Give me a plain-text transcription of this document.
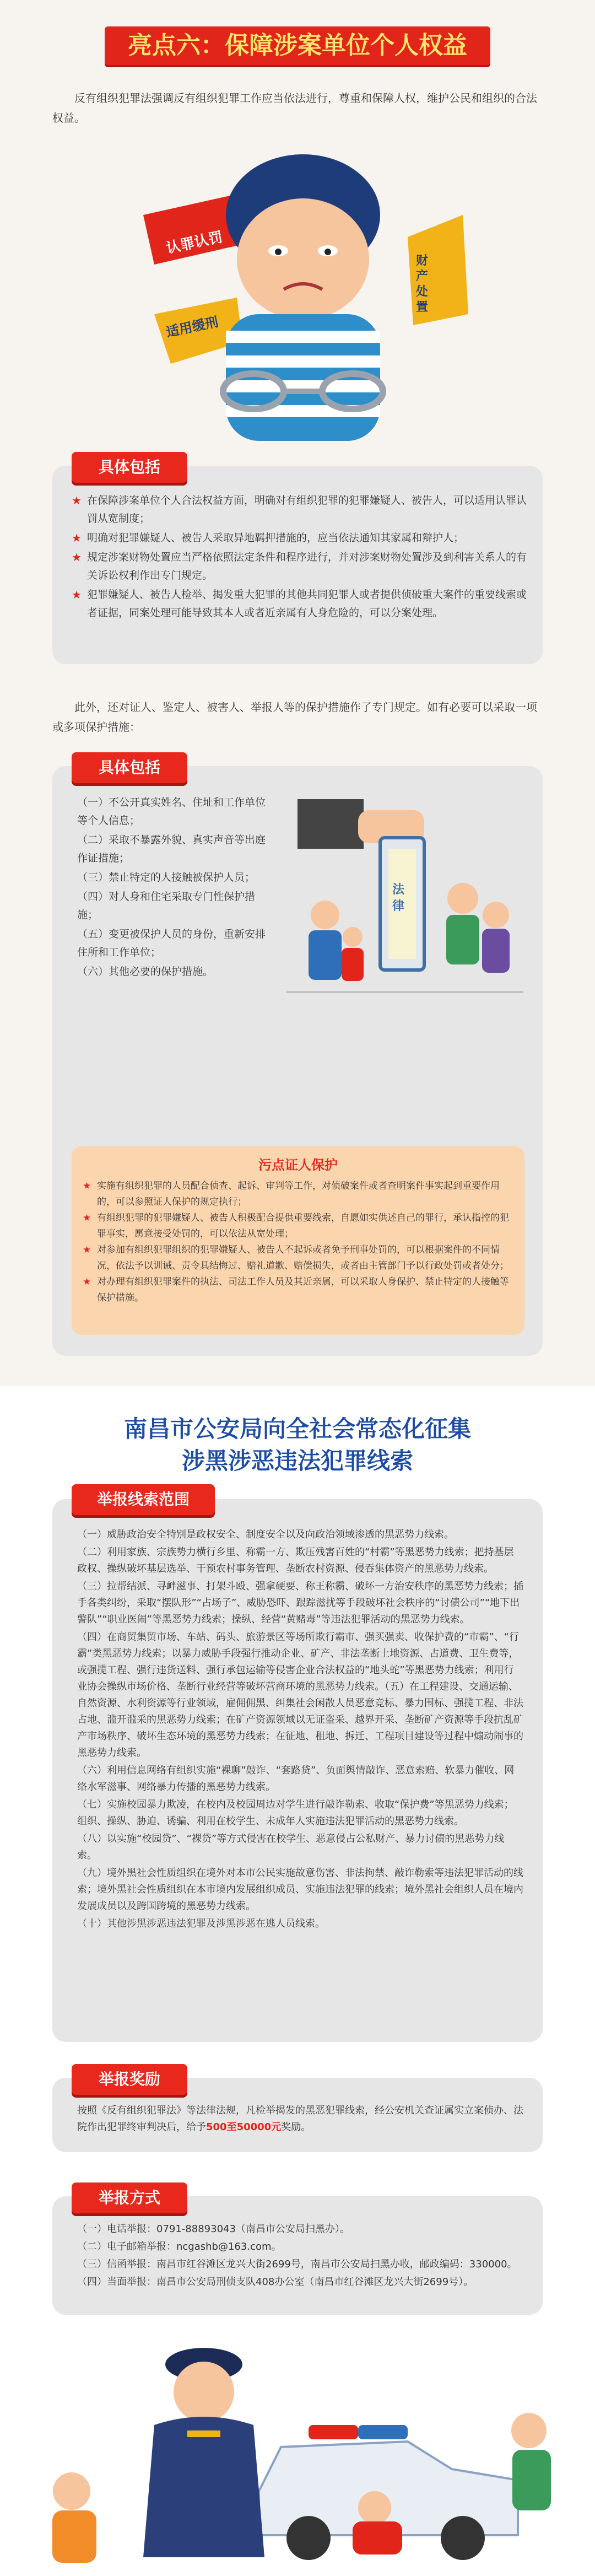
亮点六：保障涉案单位个人权益
反有组织犯罪法强调反有组织犯罪工作应当依法进行，尊重和保障人权，维护公民和组织的合法权益。
认罪认罚
适用缓刑
财产处置
具体包括
★ 在保障涉案单位个人合法权益方面，明确对有组织犯罪的犯罪嫌疑人、被告人，可以适用认罪认罚从宽制度；
★ 明确对犯罪嫌疑人、被告人采取异地羁押措施的，应当依法通知其家属和辩护人；
★ 规定涉案财物处置应当严格依照法定条件和程序进行，并对涉案财物处置涉及到利害关系人的有关诉讼权利作出专门规定。
★ 犯罪嫌疑人、被告人检举、揭发重大犯罪的其他共同犯罪人或者提供侦破重大案件的重要线索或者证据，同案处理可能导致其本人或者近亲属有人身危险的，可以分案处理。
此外，还对证人、鉴定人、被害人、举报人等的保护措施作了专门规定。如有必要可以采取一项或多项保护措施：
具体包括
（一）不公开真实姓名、住址和工作单位等个人信息；
（二）采取不暴露外貌、真实声音等出庭作证措施；
（三）禁止特定的人接触被保护人员；
（四）对人身和住宅采取专门性保护措施；
（五）变更被保护人员的身份，重新安排住所和工作单位；
（六）其他必要的保护措施。
法律
污点证人保护
★ 实施有组织犯罪的人员配合侦查、起诉、审判等工作，对侦破案件或者查明案件事实起到重要作用的，可以参照证人保护的规定执行；
★ 有组织犯罪的犯罪嫌疑人、被告人积极配合提供重要线索，自愿如实供述自己的罪行，承认指控的犯罪事实，愿意接受处罚的，可以依法从宽处理；
★ 对参加有组织犯罪组织的犯罪嫌疑人、被告人不起诉或者免予刑事处罚的，可以根据案件的不同情况，依法予以训诫、责令具结悔过、赔礼道歉、赔偿损失，或者由主管部门予以行政处罚或者处分；
★ 对办理有组织犯罪案件的执法、司法工作人员及其近亲属，可以采取人身保护、禁止特定的人接触等保护措施。
南昌市公安局向全社会常态化征集
涉黑涉恶违法犯罪线索
举报线索范围
（一）威胁政治安全特别是政权安全、制度安全以及向政治领域渗透的黑恶势力线索。
（二）利用家族、宗族势力横行乡里、称霸一方、欺压残害百姓的“村霸”等黑恶势力线索；把持基层政权、操纵破坏基层选举、干预农村事务管理、垄断农村资源、侵吞集体资产的黑恶势力线索。
（三）拉帮结派、寻衅滋事、打架斗殴、强拿硬要、称王称霸、破坏一方治安秩序的黑恶势力线索；插手各类纠纷，采取“摆队形”“占场子”、威胁恐吓、跟踪滋扰等手段破坏社会秩序的“讨债公司”“地下出警队”“职业医闹”等黑恶势力线索；操纵、经营“黄赌毒”等违法犯罪活动的黑恶势力线索。
（四）在商贸集贸市场、车站、码头、旅游景区等场所欺行霸市、强买强卖、收保护费的“市霸”、“行霸”类黑恶势力线索；以暴力威胁手段强行推动企业、矿产、非法垄断土地资源、占道费、卫生费等，或强揽工程、强行违货送料、强行承包运输等侵害企业合法权益的“地头蛇”等黑恶势力线索；利用行业协会操纵市场价格、垄断行业经营等破坏营商环境的黑恶势力线索。（五）在工程建设、交通运输、自然资源、水利资源等行业领域，雇佣佣黑、纠集社会闲散人员恶意竞标、暴力围标、强揽工程、非法占地、滥开滥采的黑恶势力线索；在矿产资源领域以无证盗采、越界开采、垄断矿产资源等手段抗乱矿产市场秩序、破坏生态环境的黑恶势力线索；在征地、租地、拆迁、工程项目建设等过程中煽动闹事的黑恶势力线索。
（六）利用信息网络有组织实施“裸聊”敲诈、“套路贷”、负面舆情敲诈、恶意索赔、软暴力催收、网络水军滋事、网络暴力传播的黑恶势力线索。
（七）实施校园暴力欺凌，在校内及校园周边对学生进行敲诈勒索、收取“保护费”等黑恶势力线索；组织、操纵、胁迫、诱骗、利用在校学生、未成年人实施违法犯罪活动的黑恶势力线索。
（八）以实施“校园贷”、“裸贷”等方式侵害在校学生、恶意侵占公私财产、暴力讨债的黑恶势力线索。
（九）境外黑社会性质组织在境外对本市公民实施故意伤害、非法拘禁、敲诈勒索等违法犯罪活动的线索；境外黑社会性质组织在本市境内发展组织成员、实施违法犯罪的线索；境外黑社会组织人员在境内发展成员以及跨国跨境的黑恶势力线索。
（十）其他涉黑涉恶违法犯罪及涉黑涉恶在逃人员线索。
举报奖励
按照《反有组织犯罪法》等法律法规，凡检举揭发的黑恶犯罪线索，经公安机关查证属实立案侦办、法院作出犯罪终审判决后，给予500至50000元奖励。
举报方式
（一）电话举报：0791-88893043（南昌市公安局扫黑办）。
（二）电子邮箱举报：ncgashb@163.com。
（三）信函举报：南昌市红谷滩区龙兴大街2699号，南昌市公安局扫黑办收，邮政编码：330000。
（四）当面举报：南昌市公安局刑侦支队408办公室（南昌市红谷滩区龙兴大街2699号）。
